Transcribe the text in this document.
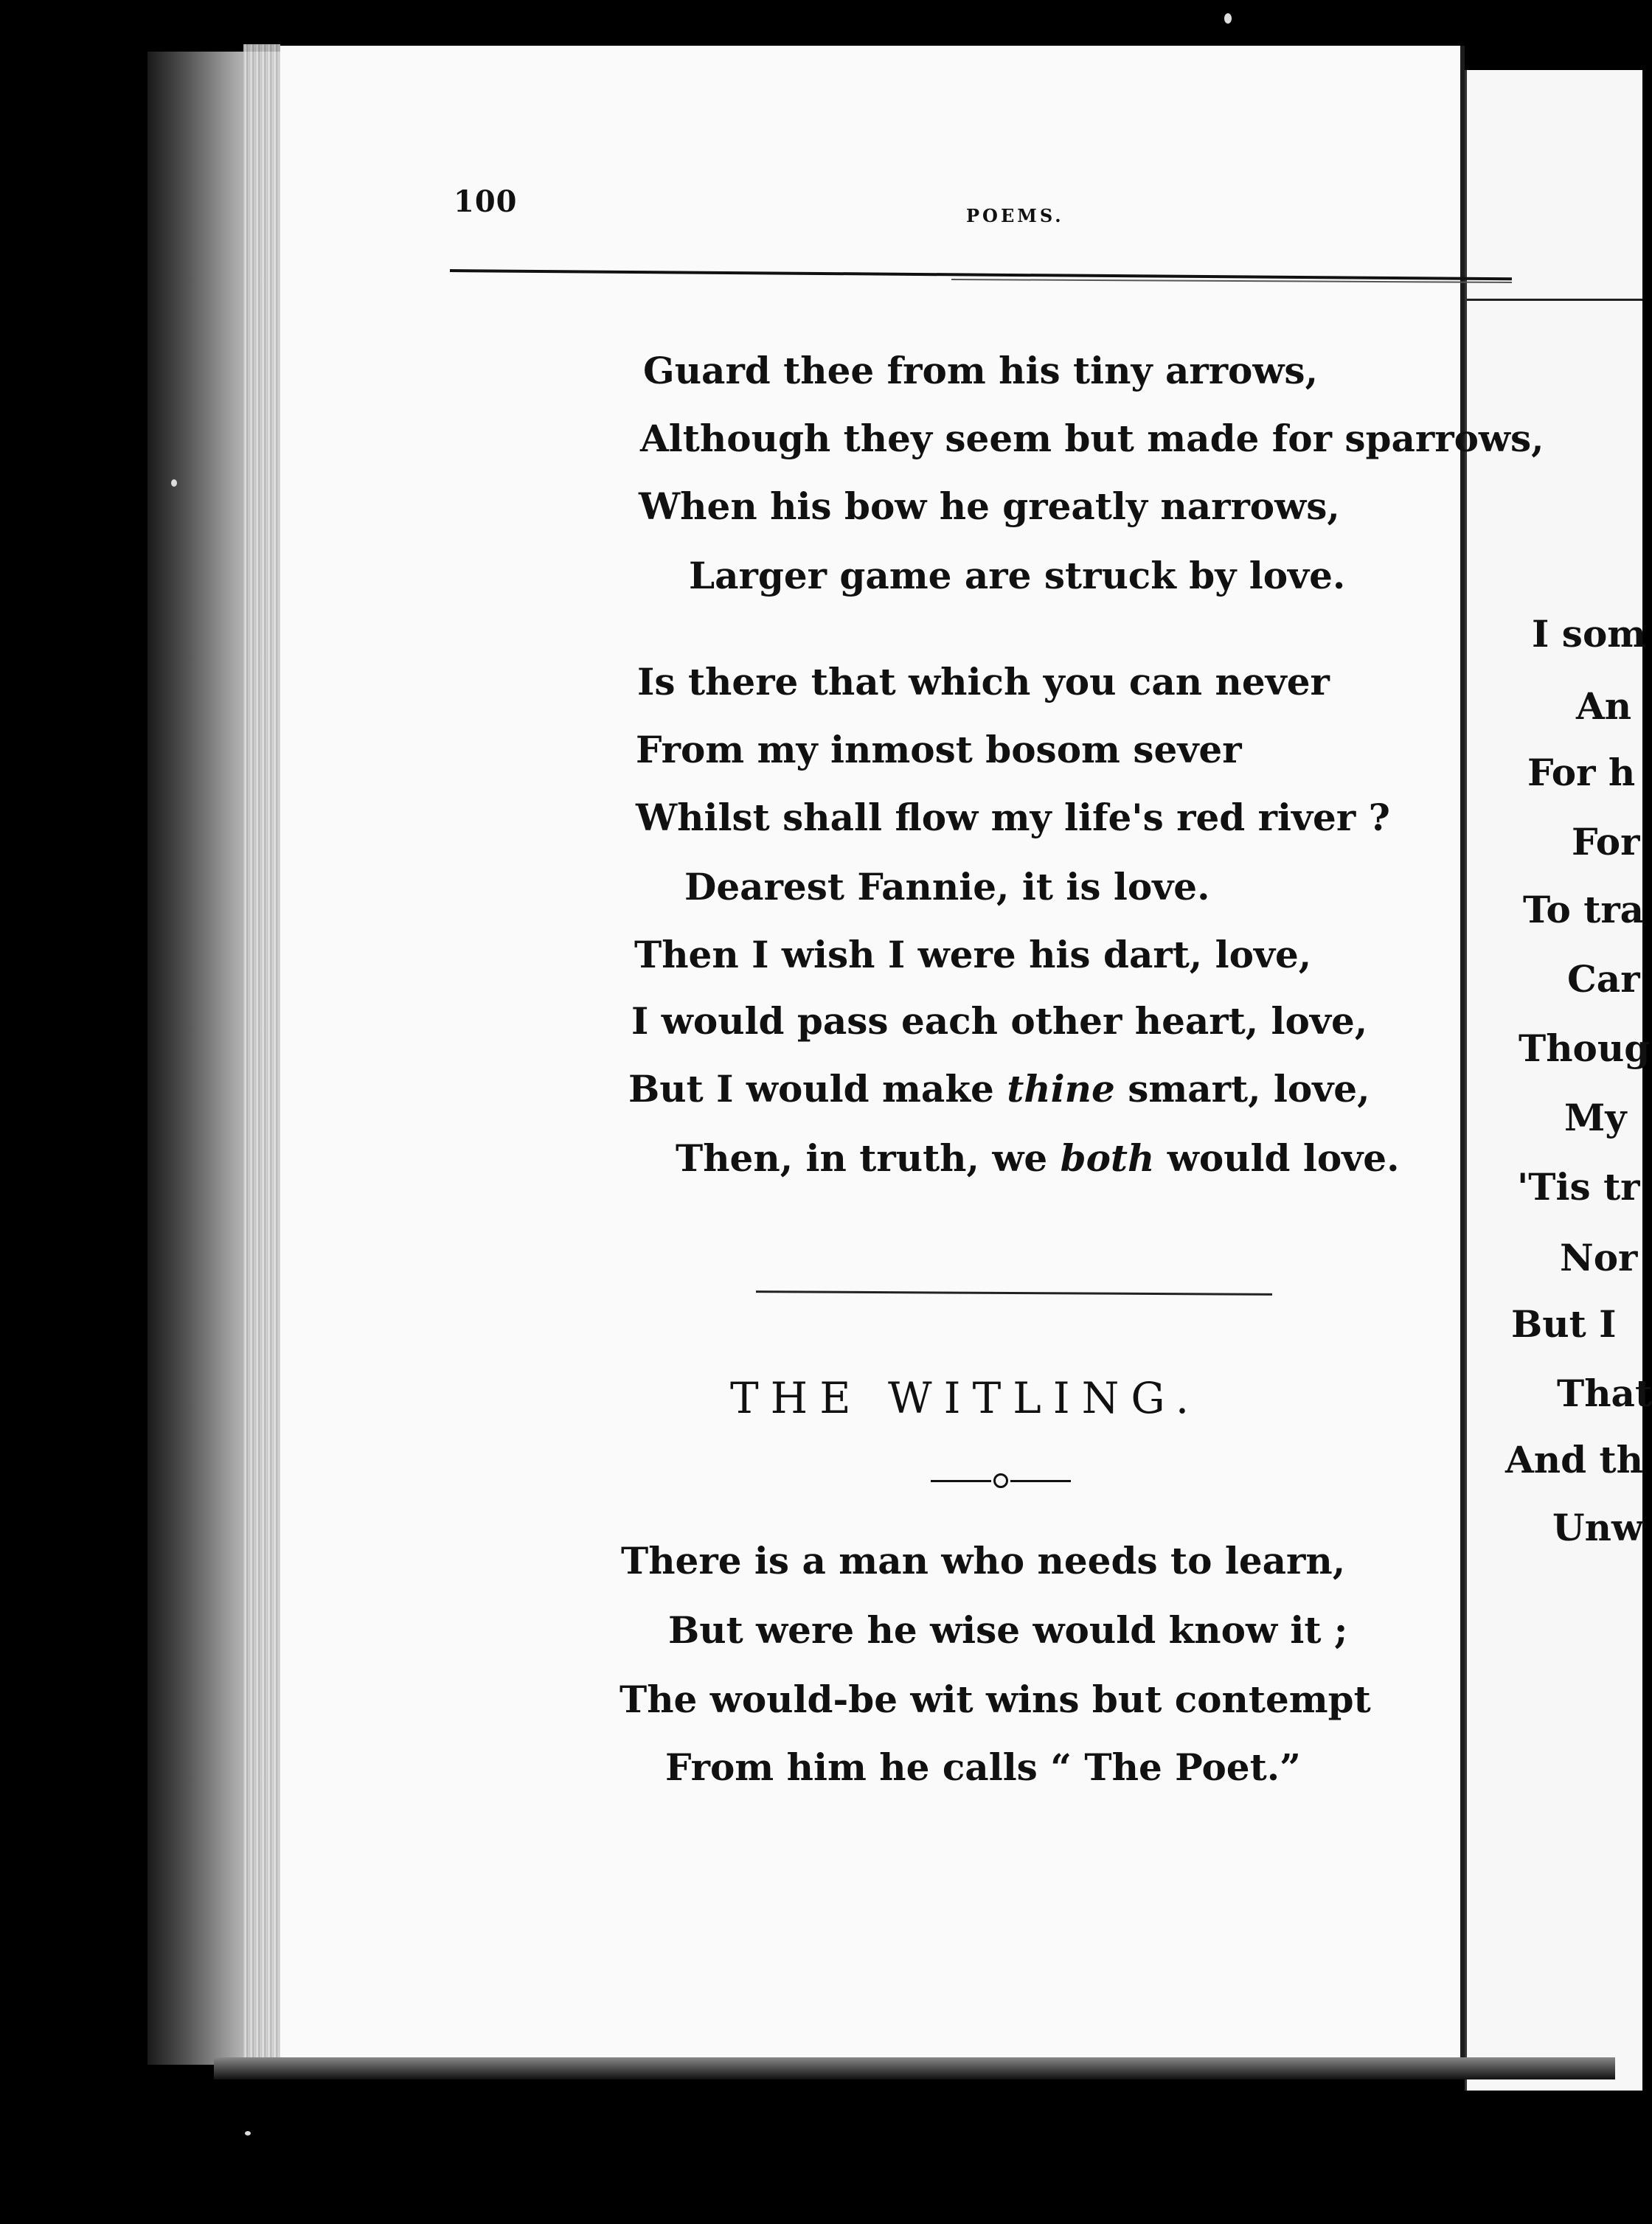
I som
An
For h
For
To tra
Car
Thoug
My
'Tis tr
Nor
But I
That
And th
Unw
100	POEMS.
Guard thee from his tiny arrows,
Although they seem but made for sparrows,
When his bow he greatly narrows,
Larger game are struck by love.
Is there that which you can never
From my inmost bosom sever
Whilst shall flow my life's red river ?
Dearest Fannie, it is love.
Then I wish I were his dart, love,
I would pass each other heart, love,
But I would make thine smart, love,
Then, in truth, we both would love.
THE WITLING.
There is a man who needs to learn,
But were he wise would know it ;
The would-be wit wins but contempt
From him he calls “ The Poet.”
